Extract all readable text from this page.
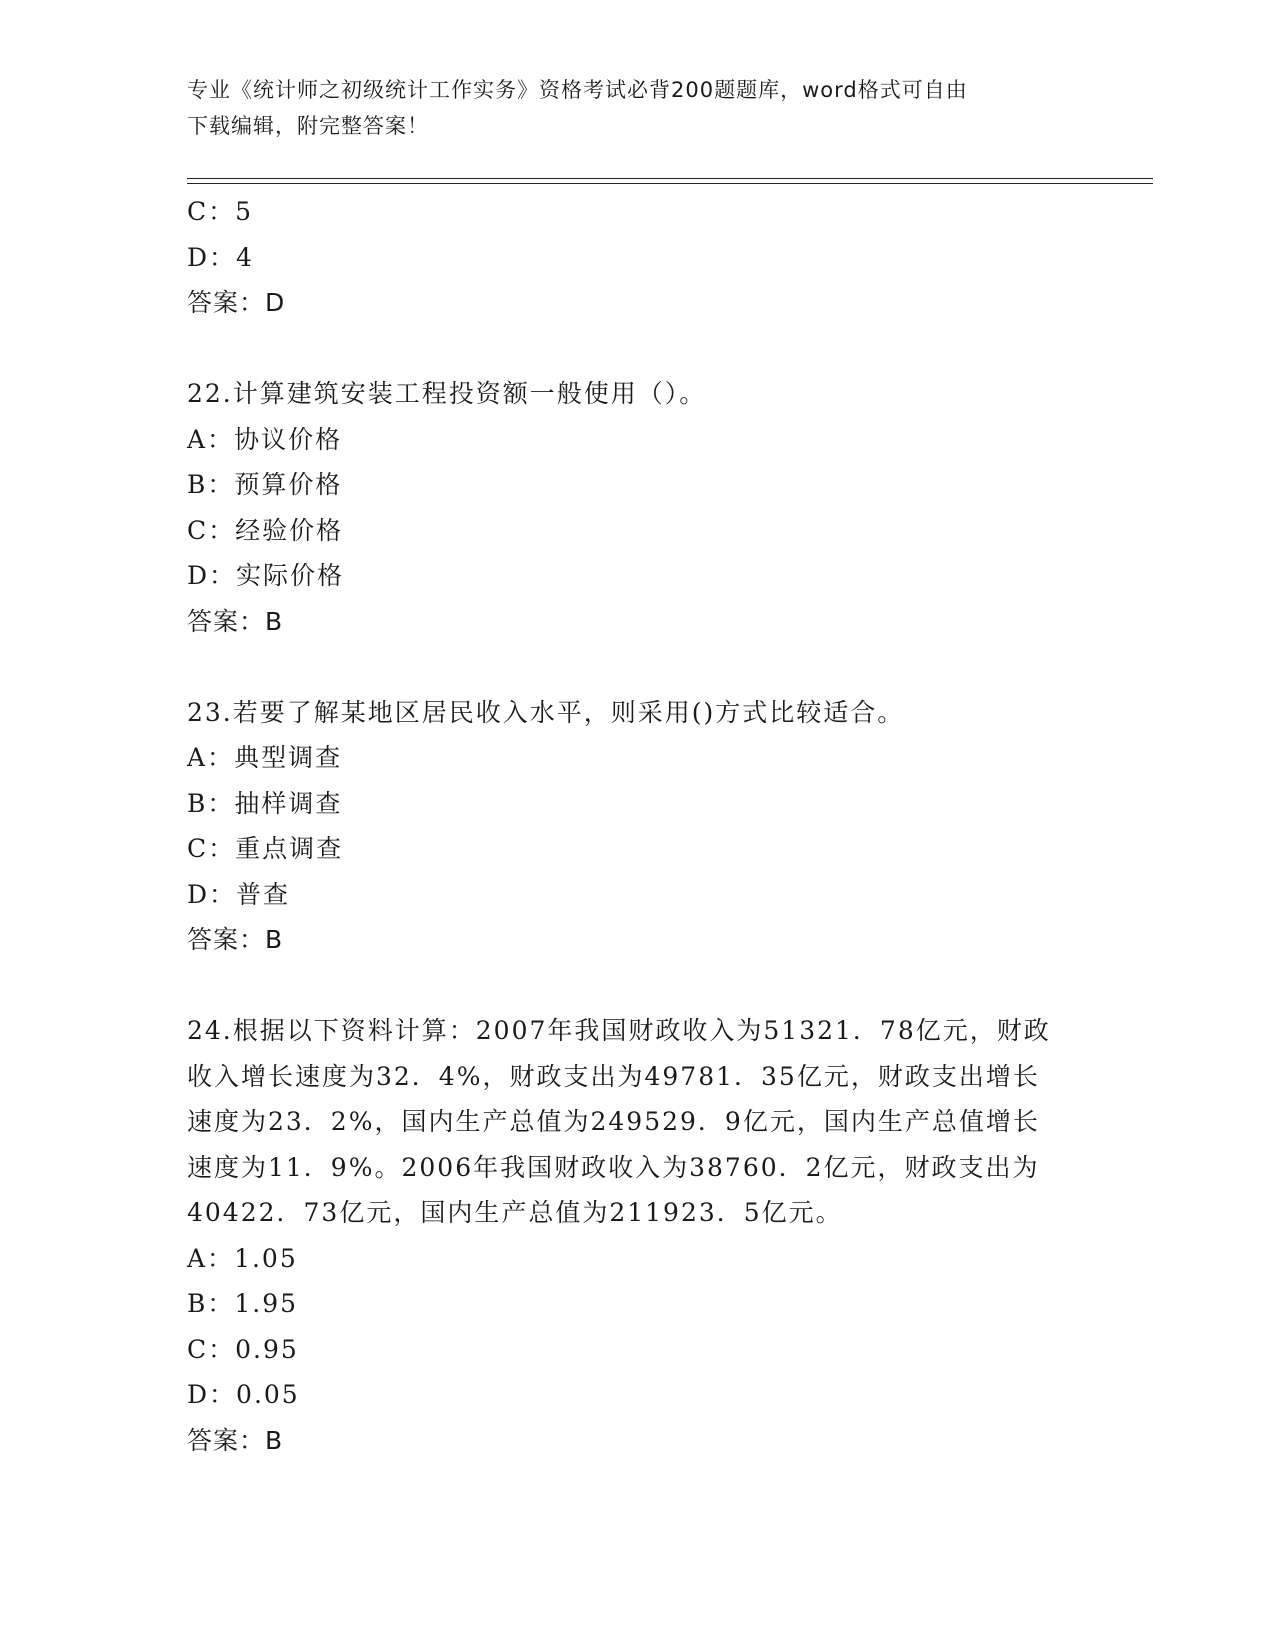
专业《统计师之初级统计工作实务》资格考试必背200题题库，word格式可自由
下载编辑，附完整答案！
C：5
D：4
答案：D
22.计算建筑安装工程投资额一般使用（）。
A：协议价格
B：预算价格
C：经验价格
D：实际价格
答案：B
23.若要了解某地区居民收入水平，则采用()方式比较适合。
A：典型调查
B：抽样调查
C：重点调查
D：普查
答案：B
24.根据以下资料计算：2007年我国财政收入为51321．78亿元，财政
收入增长速度为32．4%，财政支出为49781．35亿元，财政支出增长
速度为23．2%，国内生产总值为249529．9亿元，国内生产总值增长
速度为11．9%。2006年我国财政收入为38760．2亿元，财政支出为
40422．73亿元，国内生产总值为211923．5亿元。
A：1.05
B：1.95
C：0.95
D：0.05
答案：B
